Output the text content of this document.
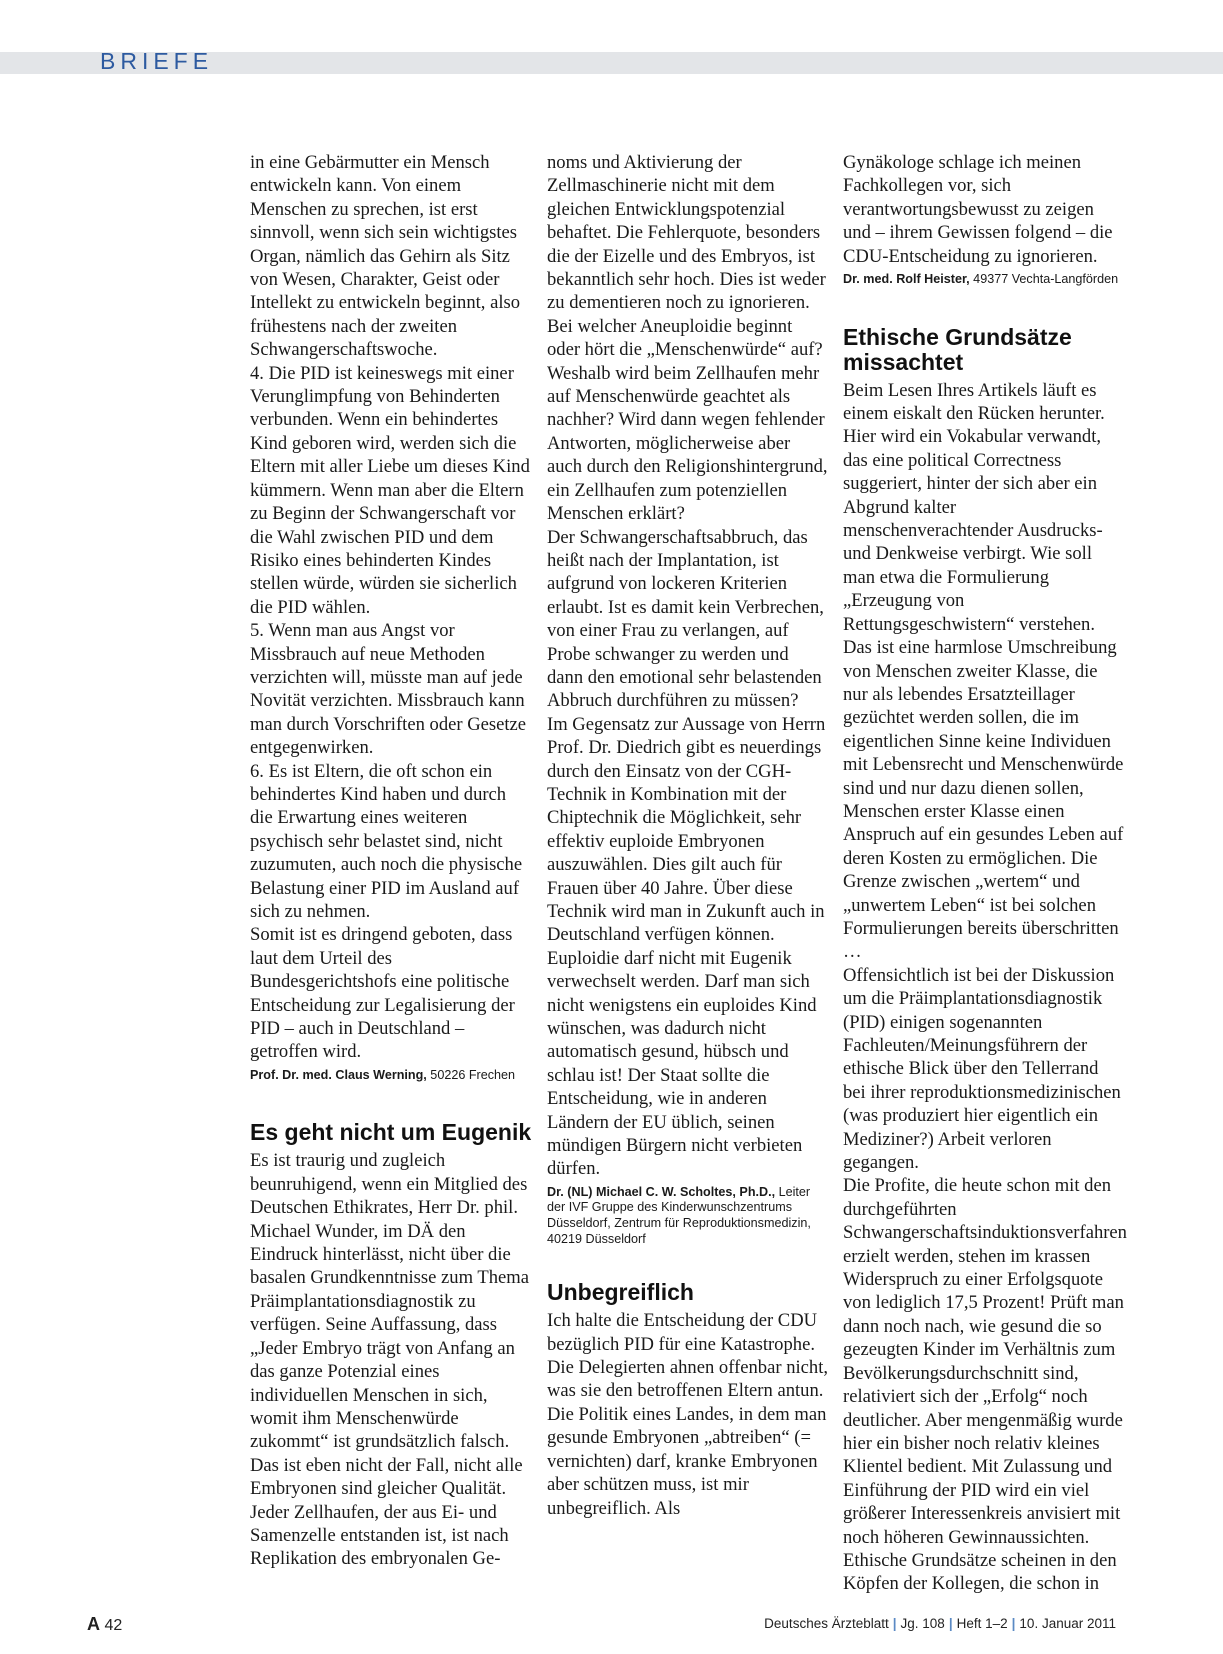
BRIEFE

in eine Gebärmutter ein Mensch entwickeln kann. Von einem Menschen zu sprechen, ist erst sinnvoll, wenn sich sein wichtigstes Organ, nämlich das Gehirn als Sitz von Wesen, Charakter, Geist oder Intellekt zu entwickeln beginnt, also frühestens nach der zweiten Schwangerschaftswoche.

4. Die PID ist keineswegs mit einer Verunglimpfung von Behinderten verbunden. Wenn ein behindertes Kind geboren wird, werden sich die Eltern mit aller Liebe um dieses Kind kümmern. Wenn man aber die Eltern zu Beginn der Schwangerschaft vor die Wahl zwischen PID und dem Risiko eines behinderten Kindes stellen würde, würden sie sicherlich die PID wählen.

5. Wenn man aus Angst vor Missbrauch auf neue Methoden verzichten will, müsste man auf jede Novität verzichten. Missbrauch kann man durch Vorschriften oder Gesetze entgegenwirken.

6. Es ist Eltern, die oft schon ein behindertes Kind haben und durch die Erwartung eines weiteren psychisch sehr belastet sind, nicht zuzumuten, auch noch die physische Belastung einer PID im Ausland auf sich zu nehmen.

Somit ist es dringend geboten, dass laut dem Urteil des Bundesgerichtshofs eine politische Entscheidung zur Legalisierung der PID – auch in Deutschland – getroffen wird.

Prof. Dr. med. Claus Werning, 50226 Frechen

Es geht nicht um Eugenik

Es ist traurig und zugleich beunruhigend, wenn ein Mitglied des Deutschen Ethikrates, Herr Dr. phil. Michael Wunder, im DÄ den Eindruck hinterlässt, nicht über die basalen Grundkenntnisse zum Thema Präimplantationsdiagnostik zu verfügen. Seine Auffassung, dass „Jeder Embryo trägt von Anfang an das ganze Potenzial eines individuellen Menschen in sich, womit ihm Menschenwürde zukommt“ ist grundsätzlich falsch. Das ist eben nicht der Fall, nicht alle Embryonen sind gleicher Qualität.

Jeder Zellhaufen, der aus Ei- und Samenzelle entstanden ist, ist nach Replikation des embryonalen Ge-

noms und Aktivierung der Zellmaschinerie nicht mit dem gleichen Entwicklungspotenzial behaftet. Die Fehlerquote, besonders die der Eizelle und des Embryos, ist bekanntlich sehr hoch. Dies ist weder zu dementieren noch zu ignorieren. Bei welcher Aneuploidie beginnt oder hört die „Menschenwürde“ auf?

Weshalb wird beim Zellhaufen mehr auf Menschenwürde geachtet als nachher? Wird dann wegen fehlender Antworten, möglicherweise aber auch durch den Religionshintergrund, ein Zellhaufen zum potenziellen Menschen erklärt?

Der Schwangerschaftsabbruch, das heißt nach der Implantation, ist aufgrund von lockeren Kriterien erlaubt. Ist es damit kein Verbrechen, von einer Frau zu verlangen, auf Probe schwanger zu werden und dann den emotional sehr belastenden Abbruch durchführen zu müssen?

Im Gegensatz zur Aussage von Herrn Prof. Dr. Diedrich gibt es neuerdings durch den Einsatz von der CGH-Technik in Kombination mit der Chiptechnik die Möglichkeit, sehr effektiv euploide Embryonen auszuwählen. Dies gilt auch für Frauen über 40 Jahre. Über diese Technik wird man in Zukunft auch in Deutschland verfügen können. Euploidie darf nicht mit Eugenik verwechselt werden. Darf man sich nicht wenigstens ein euploides Kind wünschen, was dadurch nicht automatisch gesund, hübsch und schlau ist! Der Staat sollte die Entscheidung, wie in anderen Ländern der EU üblich, seinen mündigen Bürgern nicht verbieten dürfen.

Dr. (NL) Michael C. W. Scholtes, Ph.D., Leiter der IVF Gruppe des Kinderwunschzentrums Düsseldorf, Zentrum für Reproduktionsmedizin, 40219 Düsseldorf

Unbegreiflich

Ich halte die Entscheidung der CDU bezüglich PID für eine Katastrophe. Die Delegierten ahnen offenbar nicht, was sie den betroffenen Eltern antun. Die Politik eines Landes, in dem man gesunde Embryonen „abtreiben“ (= vernichten) darf, kranke Embryonen aber schützen muss, ist mir unbegreiflich. Als

Gynäkologe schlage ich meinen Fachkollegen vor, sich verantwortungsbewusst zu zeigen und – ihrem Gewissen folgend – die CDU-Entscheidung zu ignorieren.

Dr. med. Rolf Heister, 49377 Vechta-Langförden

Ethische Grundsätze missachtet

Beim Lesen Ihres Artikels läuft es einem eiskalt den Rücken herunter. Hier wird ein Vokabular verwandt, das eine political Correctness suggeriert, hinter der sich aber ein Abgrund kalter menschenverachtender Ausdrucks- und Denkweise verbirgt. Wie soll man etwa die Formulierung „Erzeugung von Rettungsgeschwistern“ verstehen. Das ist eine harmlose Umschreibung von Menschen zweiter Klasse, die nur als lebendes Ersatzteillager gezüchtet werden sollen, die im eigentlichen Sinne keine Individuen mit Lebensrecht und Menschenwürde sind und nur dazu dienen sollen, Menschen erster Klasse einen Anspruch auf ein gesundes Leben auf deren Kosten zu ermöglichen. Die Grenze zwischen „wertem“ und „unwertem Leben“ ist bei solchen Formulierungen bereits überschritten …

Offensichtlich ist bei der Diskussion um die Präimplantationsdiagnostik (PID) einigen sogenannten Fachleuten/Meinungsführern der ethische Blick über den Tellerrand bei ihrer reproduktionsmedizinischen (was produziert hier eigentlich ein Mediziner?) Arbeit verloren gegangen.

Die Profite, die heute schon mit den durchgeführten Schwangerschaftsinduktionsverfahren erzielt werden, stehen im krassen Widerspruch zu einer Erfolgsquote von lediglich 17,5 Prozent! Prüft man dann noch nach, wie gesund die so gezeugten Kinder im Verhältnis zum Bevölkerungsdurchschnitt sind, relativiert sich der „Erfolg“ noch deutlicher. Aber mengenmäßig wurde hier ein bisher noch relativ kleines Klientel bedient. Mit Zulassung und Einführung der PID wird ein viel größerer Interessenkreis anvisiert mit noch höheren Gewinnaussichten. Ethische Grundsätze scheinen in den Köpfen der Kollegen, die schon in

A 42	Deutsches Ärzteblatt | Jg. 108 | Heft 1–2 | 10. Januar 2011
